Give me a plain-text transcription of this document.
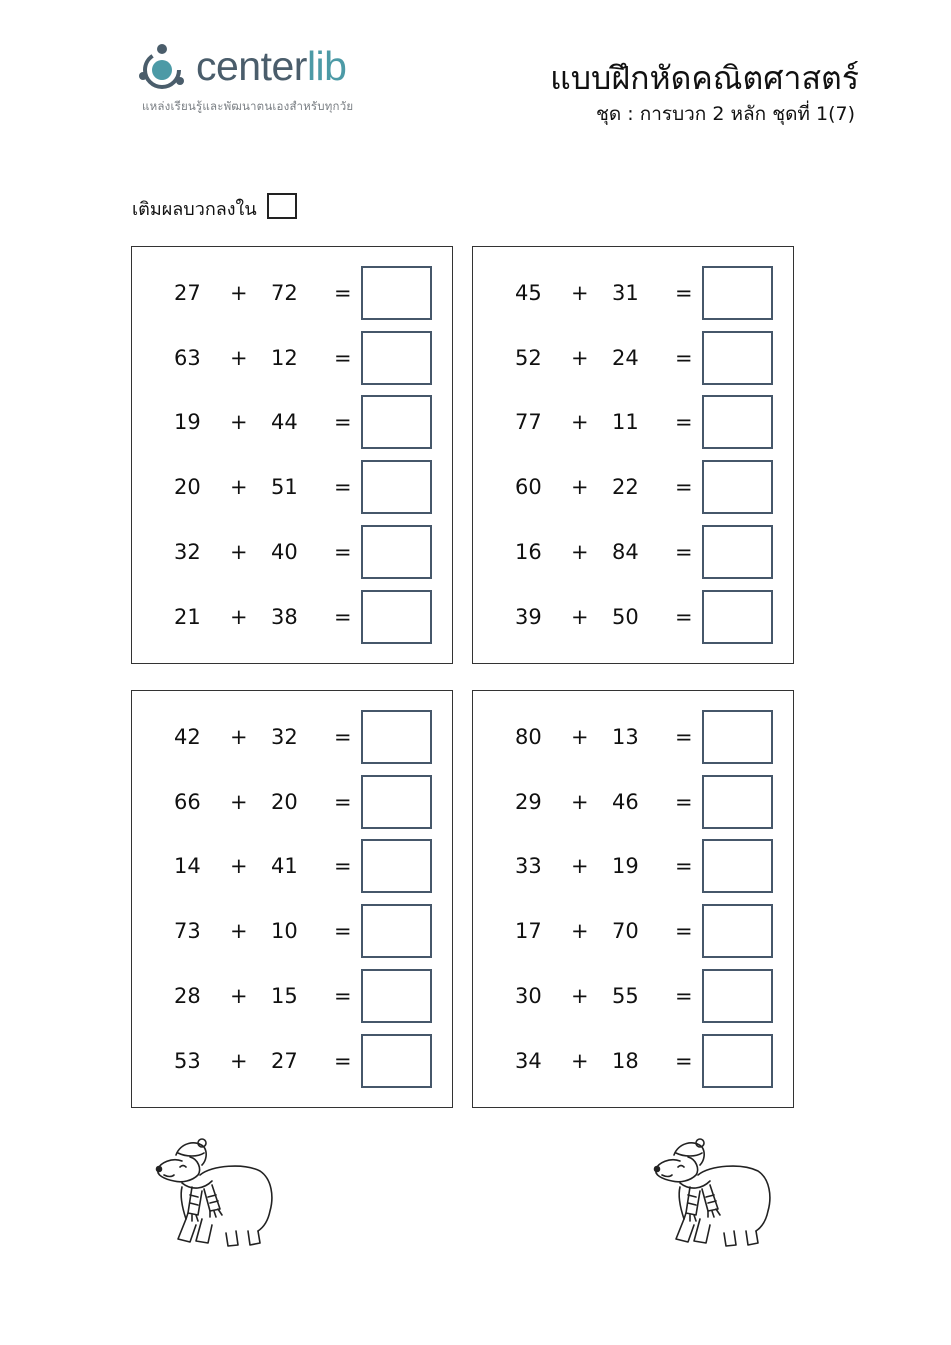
centerlib
แหล่งเรียนรู้และพัฒนาตนเองสำหรับทุกวัย
แบบฝึกหัดคณิตศาสตร์
ชุด : การบวก 2 หลัก ชุดที่ 1(7)
เติมผลบวกลงใน
27 + 72 =
63 + 12 =
19 + 44 =
20 + 51 =
32 + 40 =
21 + 38 =
45 + 31 =
52 + 24 =
77 + 11 =
60 + 22 =
16 + 84 =
39 + 50 =
42 + 32 =
66 + 20 =
14 + 41 =
73 + 10 =
28 + 15 =
53 + 27 =
80 + 13 =
29 + 46 =
33 + 19 =
17 + 70 =
30 + 55 =
34 + 18 =
